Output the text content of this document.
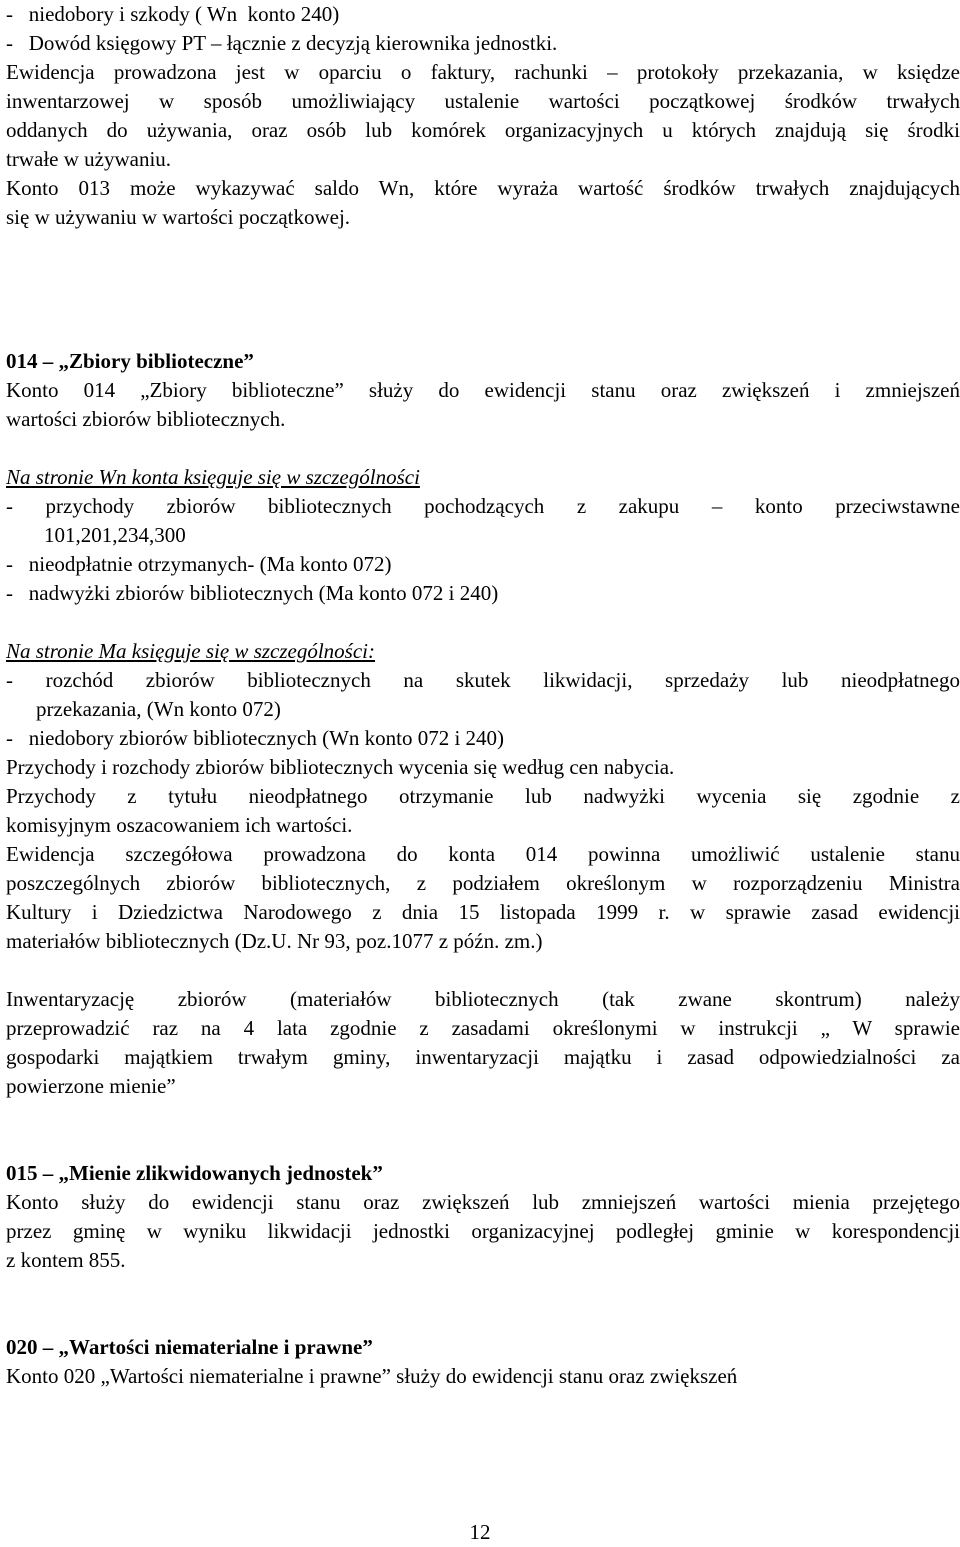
-   niedobory i szkody ( Wn  konto 240)
-   Dowód księgowy PT – łącznie z decyzją kierownika jednostki.
Ewidencja prowadzona jest w oparciu o faktury, rachunki – protokoły przekazania, w księdze
inwentarzowej w sposób umożliwiający ustalenie wartości początkowej środków trwałych
oddanych do używania, oraz osób lub komórek organizacyjnych u których znajdują się środki
trwałe w używaniu.
Konto 013 może wykazywać saldo Wn, które wyraża wartość środków trwałych znajdujących
się w używaniu w wartości początkowej.
014 – „Zbiory biblioteczne”
Konto 014 „Zbiory biblioteczne” służy do ewidencji stanu oraz zwiększeń i zmniejszeń
wartości zbiorów bibliotecznych.
Na stronie Wn konta księguje się w szczególności
- przychody zbiorów bibliotecznych pochodzących z zakupu – konto przeciwstawne
101,201,234,300
-   nieodpłatnie otrzymanych- (Ma konto 072)
-   nadwyżki zbiorów bibliotecznych (Ma konto 072 i 240)
Na stronie Ma księguje się w szczególności:
- rozchód zbiorów bibliotecznych na skutek likwidacji, sprzedaży lub nieodpłatnego
przekazania, (Wn konto 072)
-   niedobory zbiorów bibliotecznych (Wn konto 072 i 240)
Przychody i rozchody zbiorów bibliotecznych wycenia się według cen nabycia.
Przychody z tytułu nieodpłatnego otrzymanie lub nadwyżki wycenia się zgodnie z
komisyjnym oszacowaniem ich wartości.
Ewidencja szczegółowa prowadzona do konta 014 powinna umożliwić ustalenie stanu
poszczególnych zbiorów bibliotecznych, z podziałem określonym w rozporządzeniu Ministra
Kultury i Dziedzictwa Narodowego z dnia 15 listopada 1999 r. w sprawie zasad ewidencji
materiałów bibliotecznych (Dz.U. Nr 93, poz.1077 z późn. zm.)
Inwentaryzację zbiorów (materiałów bibliotecznych (tak zwane skontrum) należy
przeprowadzić raz na 4 lata zgodnie z zasadami określonymi w instrukcji „ W sprawie
gospodarki majątkiem trwałym gminy, inwentaryzacji majątku i zasad odpowiedzialności za
powierzone mienie”
015 – „Mienie zlikwidowanych jednostek”
Konto służy do ewidencji stanu oraz zwiększeń lub zmniejszeń wartości mienia przejętego
przez gminę w wyniku likwidacji jednostki organizacyjnej podległej gminie w korespondencji
z kontem 855.
020 – „Wartości niematerialne i prawne”
Konto 020 „Wartości niematerialne i prawne” służy do ewidencji stanu oraz zwiększeń
12
